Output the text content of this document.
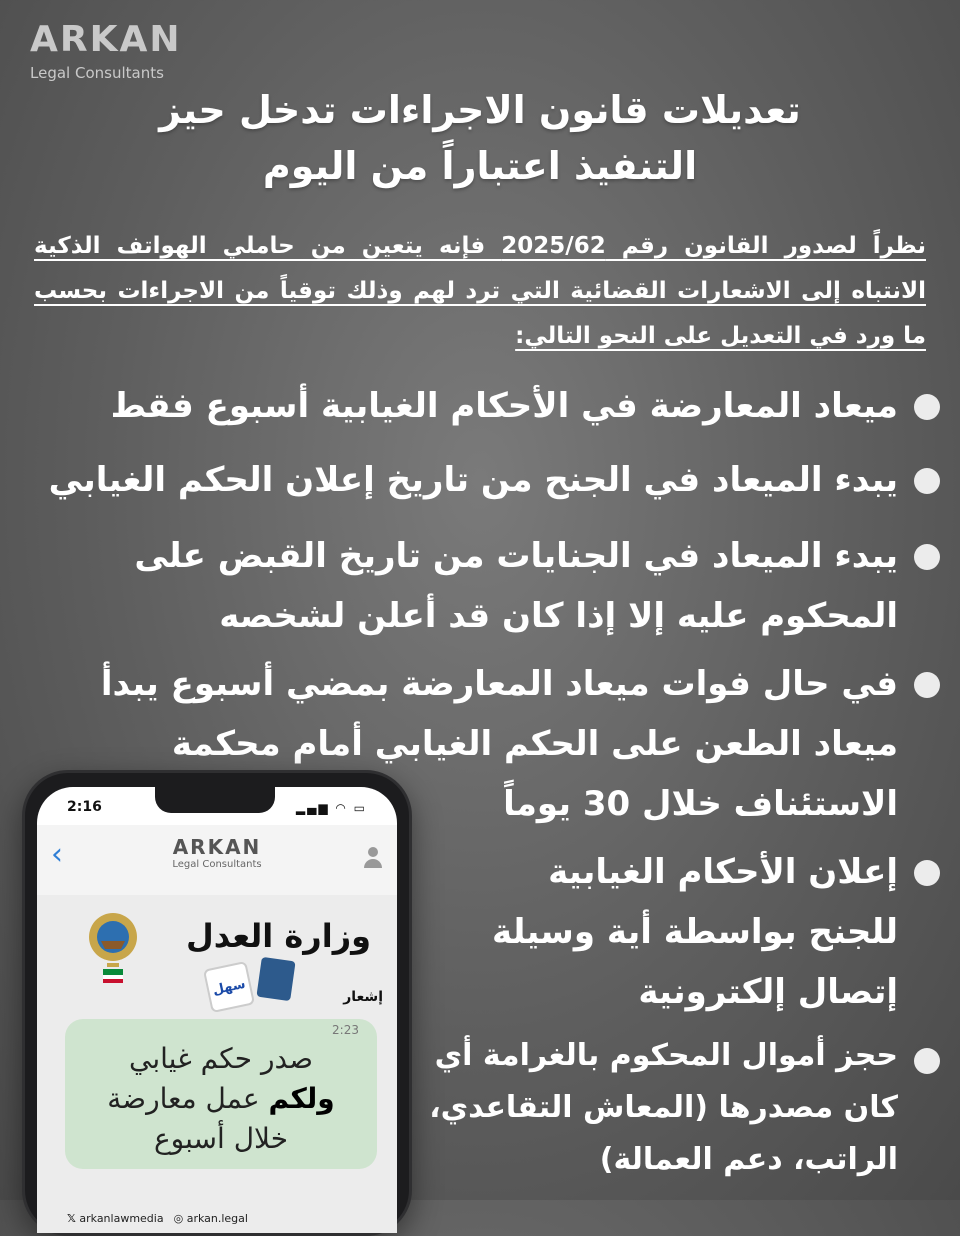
ARKAN
Legal Consultants
تعديلات قانون الاجراءات تدخل حيز
التنفيذ اعتباراً من اليوم
نظراً لصدور القانون رقم 2025/62 فإنه يتعين من حاملي الهواتف الذكية الانتباه إلى الاشعارات القضائية التي ترد لهم وذلك توقياً من الاجراءات بحسب ما ورد في التعديل على النحو التالي:
ميعاد المعارضة في الأحكام الغيابية أسبوع فقط
يبدء الميعاد في الجنح من تاريخ إعلان الحكم الغيابي
يبدء الميعاد في الجنايات من تاريخ القبض على
المحكوم عليه إلا إذا كان قد أعلن لشخصه
في حال فوات ميعاد المعارضة بمضي أسبوع يبدأ
ميعاد الطعن على الحكم الغيابي أمام محكمة
الاستئناف خلال 30 يوماً
إعلان الأحكام الغيابية
للجنح بواسطة أية وسيلة
إتصال إلكترونية
حجز أموال المحكوم بالغرامة أي
كان مصدرها (المعاش التقاعدي،
الراتب، دعم العمالة)
2:16	▂▄▆ ◠ ▭
‹	ARKAN
Legal Consultants
وزارة العدل
سهل	إشعار
2:23
صدر حكم غيابي
ولكم عمل معارضة
خلال أسبوع
𝕏 arkanlawmedia ◎ arkan.legal
